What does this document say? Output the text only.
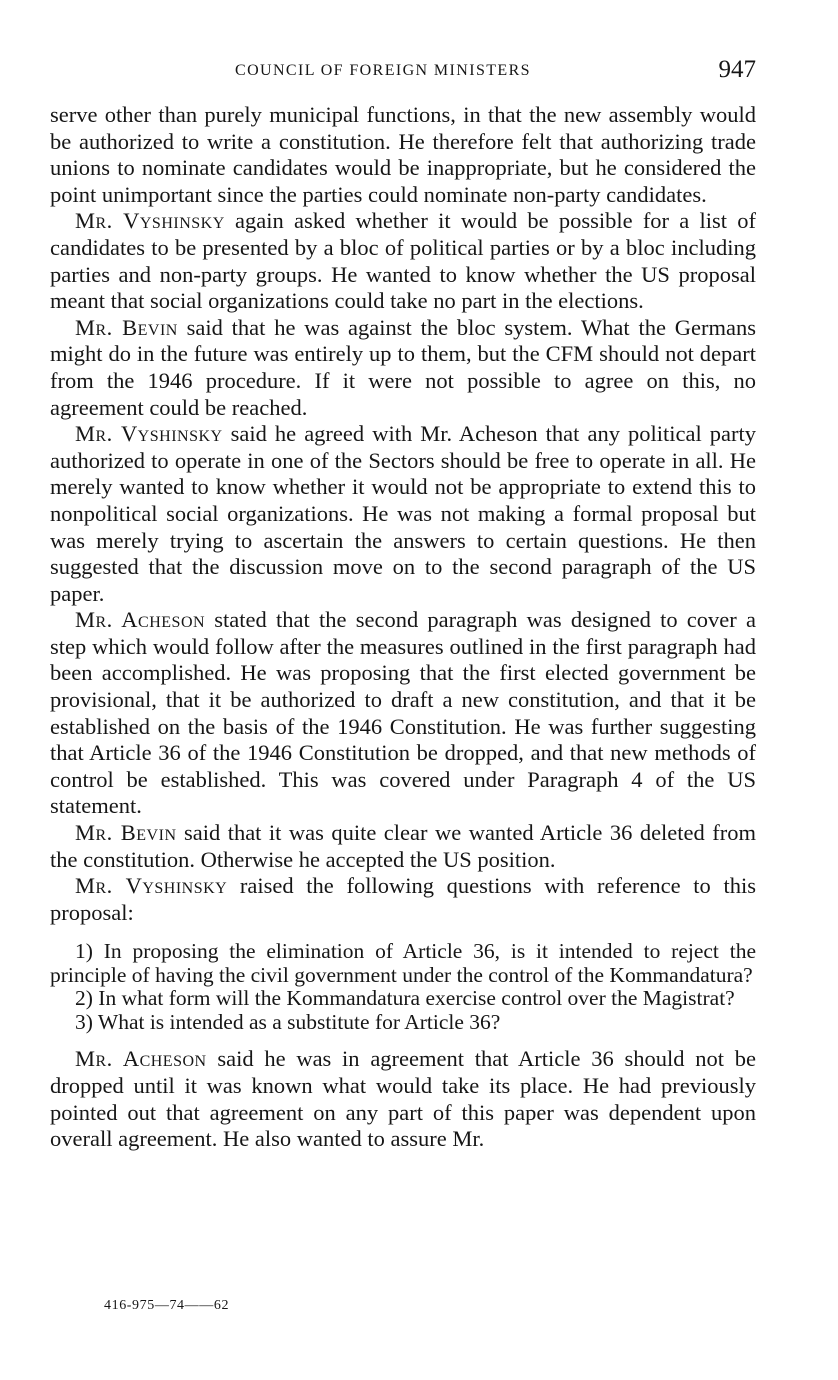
COUNCIL OF FOREIGN MINISTERS	947

serve other than purely municipal functions, in that the new assembly would be authorized to write a constitution. He therefore felt that authorizing trade unions to nominate candidates would be inappropriate, but he considered the point unimportant since the parties could nominate non-party candidates.

Mr. Vyshinsky again asked whether it would be possible for a list of candidates to be presented by a bloc of political parties or by a bloc including parties and non-party groups. He wanted to know whether the US proposal meant that social organizations could take no part in the elections.

Mr. Bevin said that he was against the bloc system. What the Germans might do in the future was entirely up to them, but the CFM should not depart from the 1946 procedure. If it were not possible to agree on this, no agreement could be reached.

Mr. Vyshinsky said he agreed with Mr. Acheson that any political party authorized to operate in one of the Sectors should be free to operate in all. He merely wanted to know whether it would not be appropriate to extend this to nonpolitical social organizations. He was not making a formal proposal but was merely trying to ascertain the answers to certain questions. He then suggested that the discussion move on to the second paragraph of the US paper.

Mr. Acheson stated that the second paragraph was designed to cover a step which would follow after the measures outlined in the first paragraph had been accomplished. He was proposing that the first elected government be provisional, that it be authorized to draft a new constitution, and that it be established on the basis of the 1946 Constitution. He was further suggesting that Article 36 of the 1946 Constitution be dropped, and that new methods of control be established. This was covered under Paragraph 4 of the US statement.

Mr. Bevin said that it was quite clear we wanted Article 36 deleted from the constitution. Otherwise he accepted the US position.

Mr. Vyshinsky raised the following questions with reference to this proposal:

1) In proposing the elimination of Article 36, is it intended to reject the principle of having the civil government under the control of the Kommandatura?
2) In what form will the Kommandatura exercise control over the Magistrat?
3) What is intended as a substitute for Article 36?

Mr. Acheson said he was in agreement that Article 36 should not be dropped until it was known what would take its place. He had previously pointed out that agreement on any part of this paper was dependent upon overall agreement. He also wanted to assure Mr.

416-975—74——62
